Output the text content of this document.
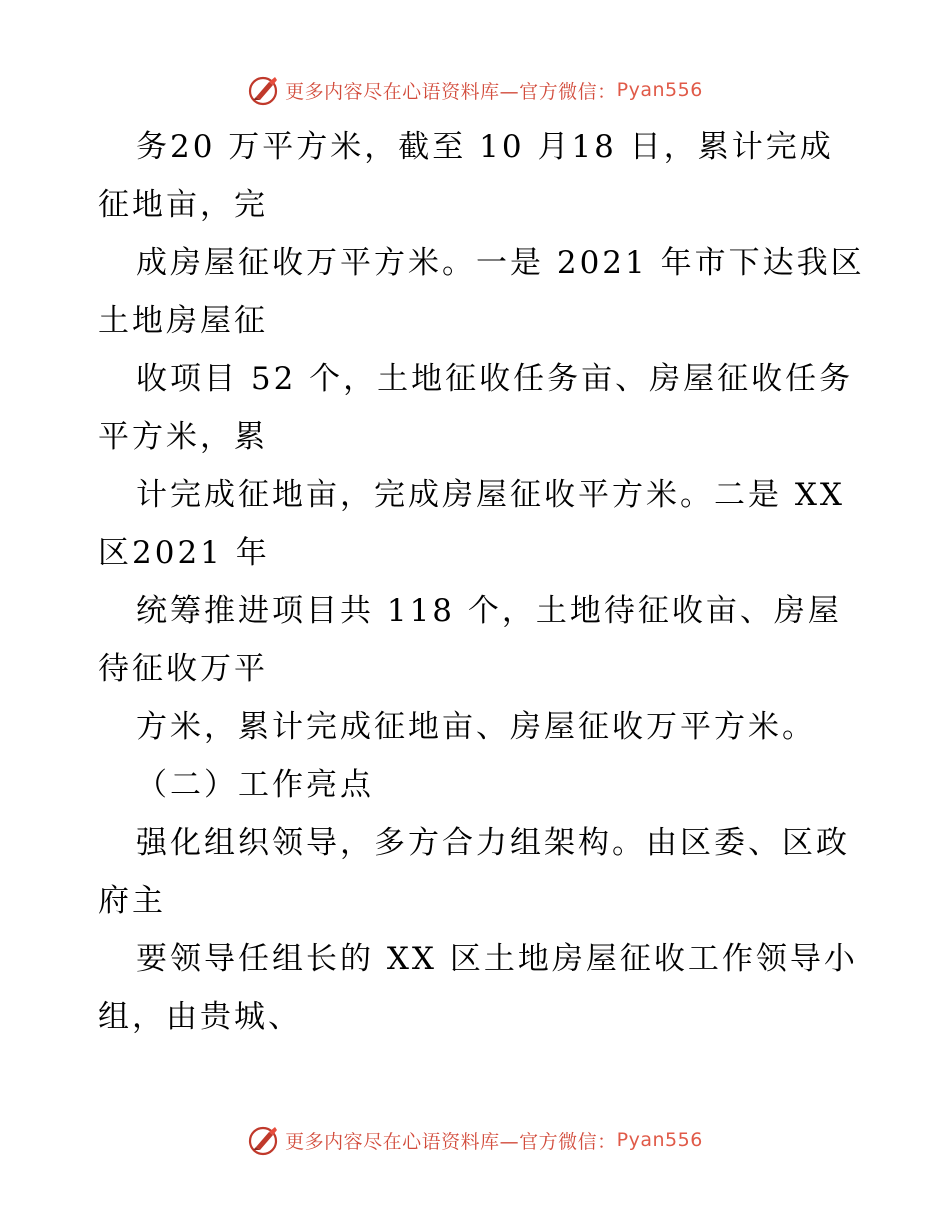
更多内容尽在心语资料库—官方微信： Pyan556
务20 万平方米，截至 10 月18 日，累计完成
征地亩，完
成房屋征收万平方米。一是 2021 年市下达我区
土地房屋征
收项目 52 个，土地征收任务亩、房屋征收任务
平方米，累
计完成征地亩，完成房屋征收平方米。二是 XX
区2021 年
统筹推进项目共 118 个，土地待征收亩、房屋
待征收万平
方米，累计完成征地亩、房屋征收万平方米。
（二）工作亮点
强化组织领导，多方合力组架构。由区委、区政
府主
要领导任组长的 XX 区土地房屋征收工作领导小
组，由贵城、
更多内容尽在心语资料库—官方微信： Pyan556
